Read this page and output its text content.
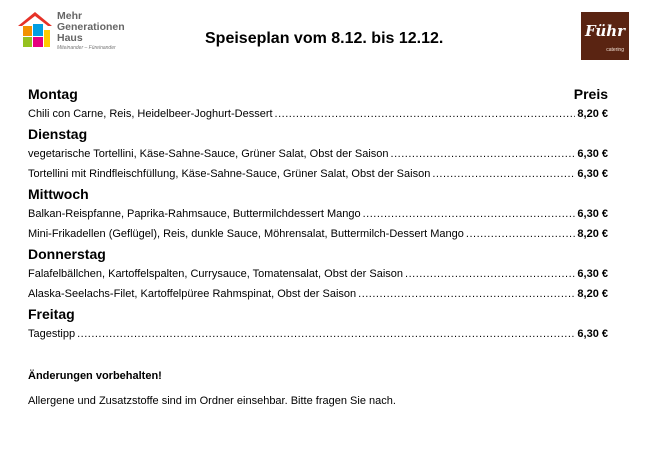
Mehr
Generationen
Haus
Miteinander – Füreinander
Speiseplan vom 8.12. bis 12.12.	Führ
catering
Montag	Preis
Chili con Carne, Reis, Heidelbeer-Joghurt-Dessert .....	8,20 €
Dienstag
vegetarische Tortellini, Käse-Sahne-Sauce, Grüner Salat, Obst der Saison .....	6,30 €
Tortellini mit Rindfleischfüllung, Käse-Sahne-Sauce, Grüner Salat, Obst der Saison .....	6,30 €
Mittwoch
Balkan-Reispfanne, Paprika-Rahmsauce, Buttermilchdessert Mango .....	6,30 €
Mini-Frikadellen (Geflügel), Reis, dunkle Sauce, Möhrensalat, Buttermilch-Dessert Mango .....	8,20 €
Donnerstag
Falafelbällchen, Kartoffelspalten, Currysauce, Tomatensalat, Obst der Saison .....	6,30 €
Alaska-Seelachs-Filet, Kartoffelpüree Rahmspinat, Obst der Saison .....	8,20 €
Freitag
Tagestipp .....	6,30 €
Änderungen vorbehalten!
Allergene und Zusatzstoffe sind im Ordner einsehbar. Bitte fragen Sie nach.
